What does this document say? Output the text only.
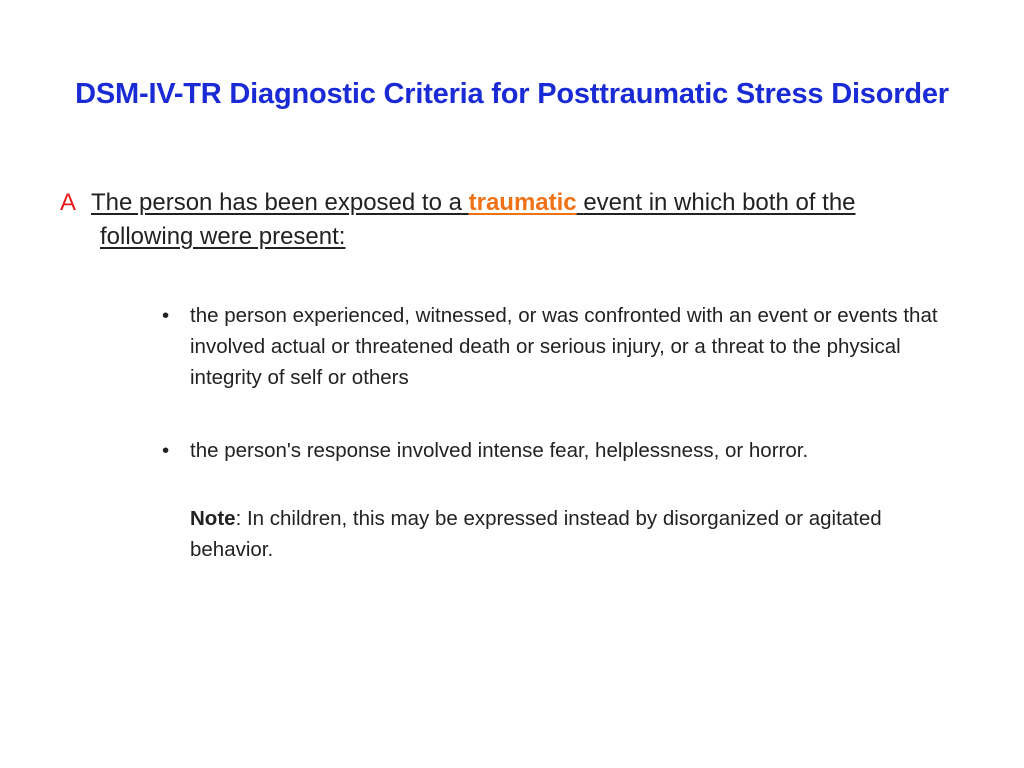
DSM-IV-TR Diagnostic Criteria for Posttraumatic Stress Disorder
A The person has been exposed to a traumatic event in which both of the
following were present:
• the person experienced, witnessed, or was confronted with an event or events that involved actual or threatened death or serious injury, or a threat to the physical integrity of self or others
• the person's response involved intense fear, helplessness, or horror.
Note: In children, this may be expressed instead by disorganized or agitated behavior.
